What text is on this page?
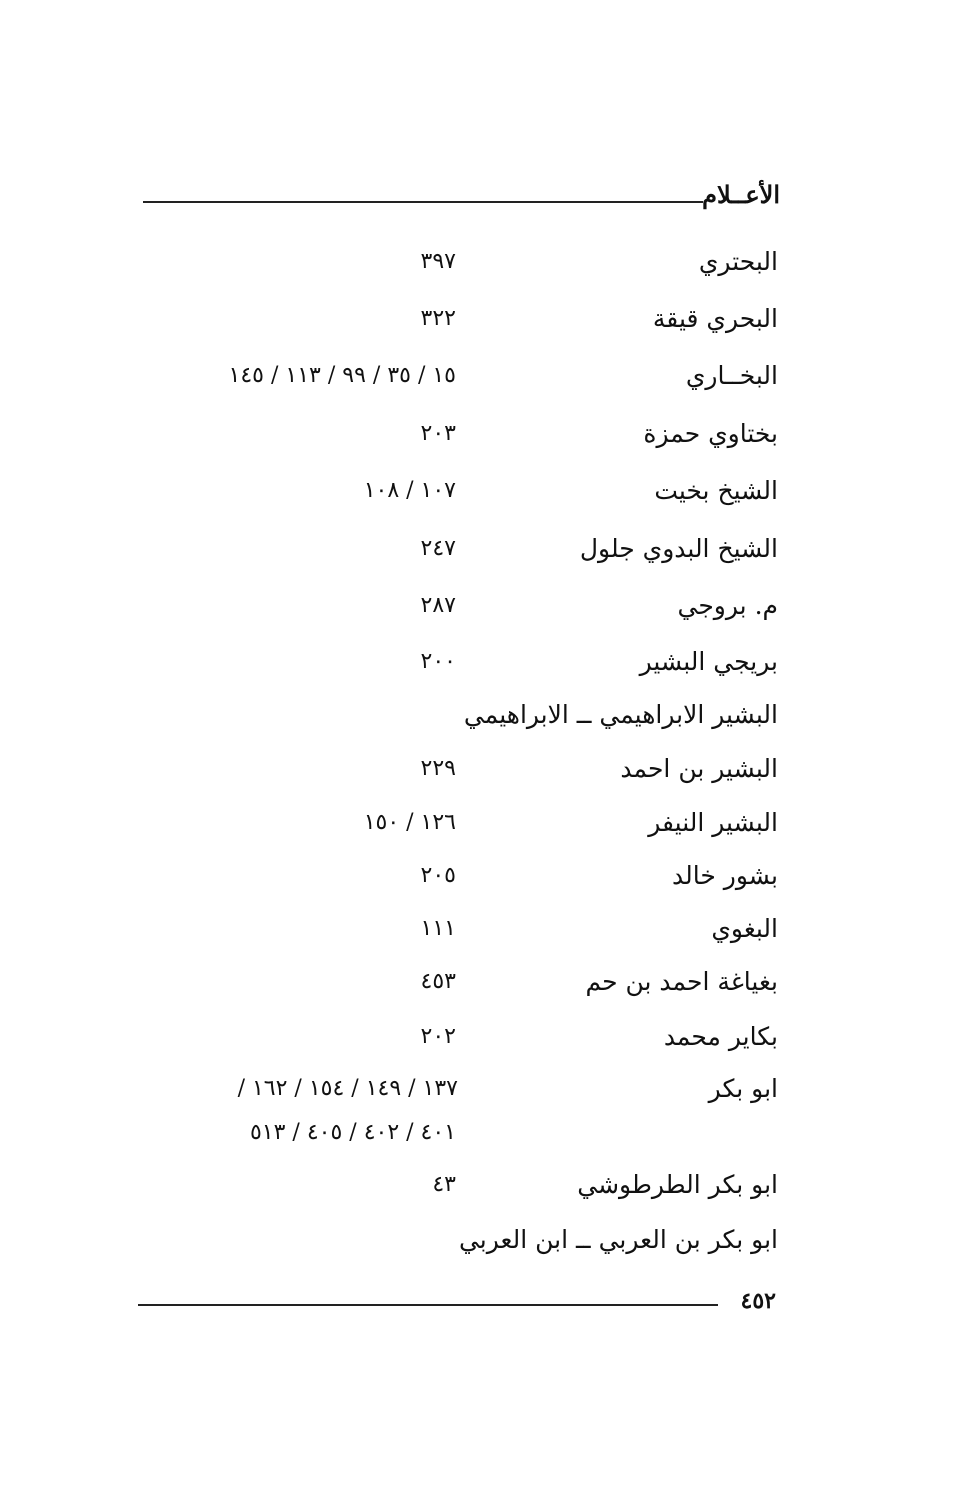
الأعــلام
البحتري
٣٩٧
البحري قيقة
٣٢٢
البخــاري
١٥ / ٣٥ / ٩٩ / ١١٣ / ١٤٥
بختاوي حمزة
٢٠٣
الشيخ بخيت
١٠٧ / ١٠٨
الشيخ البدوي جلول
٢٤٧
م. بروجي
٢٨٧
بريجي البشير
٢٠٠
البشير الابراهيمي ــ الابراهيمي
البشير بن احمد
٢٢٩
البشير النيفر
١٢٦ / ١٥٠
بشور خالد
٢٠٥
البغوي
١١١
بغياغة احمد بن حم
٤٥٣
بكاير محمد
٢٠٢
ابو بكر
١٣٧ / ١٤٩ / ١٥٤ / ١٦٢ /
٤٠١ / ٤٠٢ / ٤٠٥ / ٥١٣
ابو بكر الطرطوشي
٤٣
ابو بكر بن العربي ــ ابن العربي
٤٥٢
